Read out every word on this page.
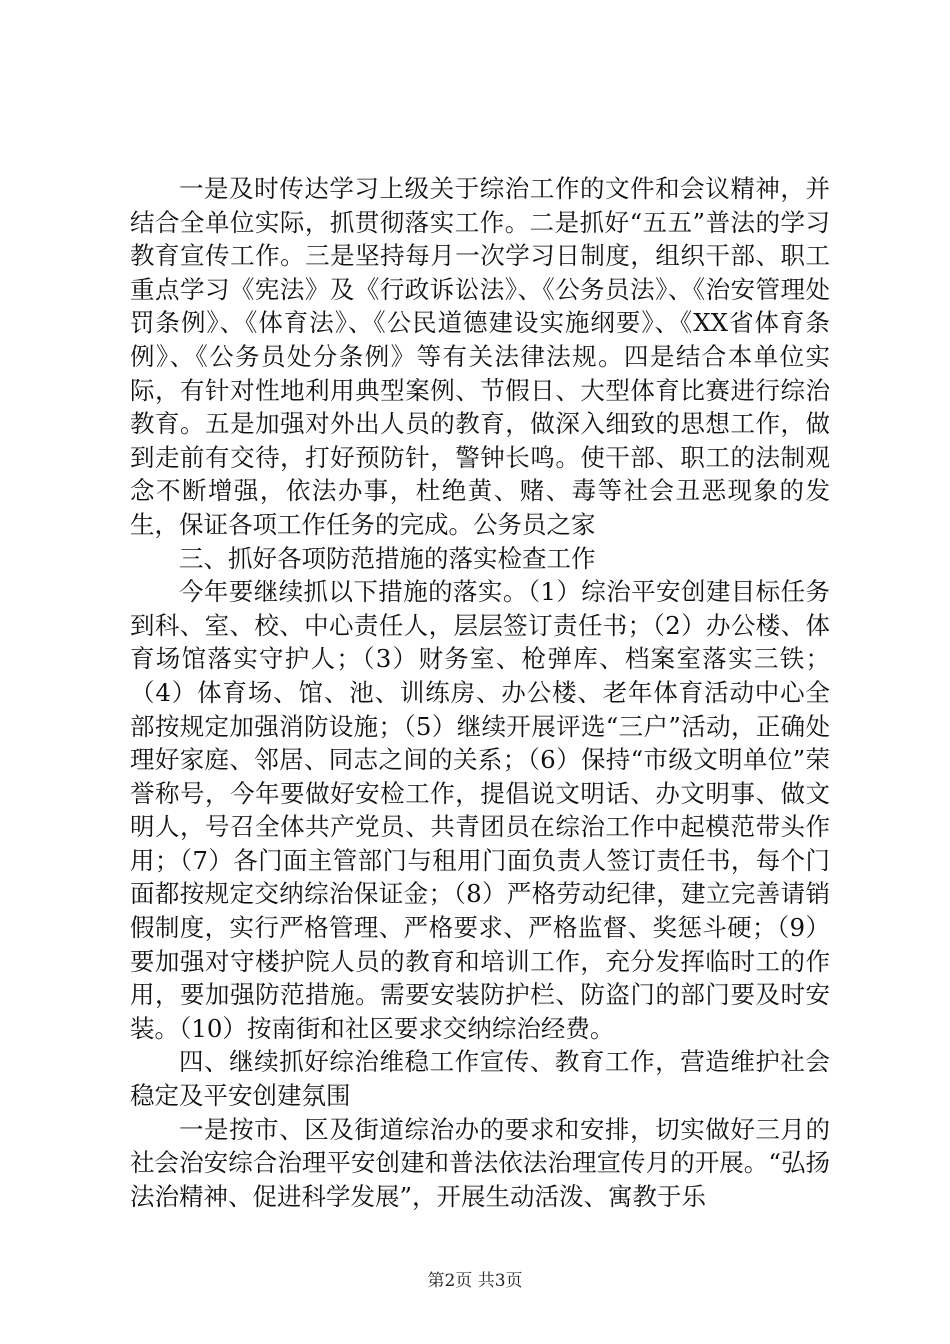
一是及时传达学习上级关于综治工作的文件和会议精神，并结合全单位实际，抓贯彻落实工作。二是抓好“五五”普法的学习教育宣传工作。三是坚持每月一次学习日制度，组织干部、职工重点学习《宪法》及《行政诉讼法》、《公务员法》、《治安管理处罚条例》、《体育法》、《公民道德建设实施纲要》、《XX省体育条例》、《公务员处分条例》等有关法律法规。四是结合本单位实际，有针对性地利用典型案例、节假日、大型体育比赛进行综治教育。五是加强对外出人员的教育，做深入细致的思想工作，做到走前有交待，打好预防针，警钟长鸣。使干部、职工的法制观念不断增强，依法办事，杜绝黄、赌、毒等社会丑恶现象的发生，保证各项工作任务的完成。公务员之家

三、抓好各项防范措施的落实检查工作

今年要继续抓以下措施的落实。（1）综治平安创建目标任务到科、室、校、中心责任人，层层签订责任书；（2）办公楼、体育场馆落实守护人；（3）财务室、枪弹库、档案室落实三铁；（4）体育场、馆、池、训练房、办公楼、老年体育活动中心全部按规定加强消防设施；（5）继续开展评选“三户”活动，正确处理好家庭、邻居、同志之间的关系；（6）保持“市级文明单位”荣誉称号，今年要做好安检工作，提倡说文明话、办文明事、做文明人，号召全体共产党员、共青团员在综治工作中起模范带头作用；（7）各门面主管部门与租用门面负责人签订责任书，每个门面都按规定交纳综治保证金；（8）严格劳动纪律，建立完善请销假制度，实行严格管理、严格要求、严格监督、奖惩斗硬；（9）要加强对守楼护院人员的教育和培训工作，充分发挥临时工的作用，要加强防范措施。需要安装防护栏、防盗门的部门要及时安装。（10）按南街和社区要求交纳综治经费。

四、继续抓好综治维稳工作宣传、教育工作，营造维护社会稳定及平安创建氛围

一是按市、区及街道综治办的要求和安排，切实做好三月的社会治安综合治理平安创建和普法依法治理宣传月的开展。“弘扬法治精神、促进科学发展”，开展生动活泼、寓教于乐

第2页 共3页
